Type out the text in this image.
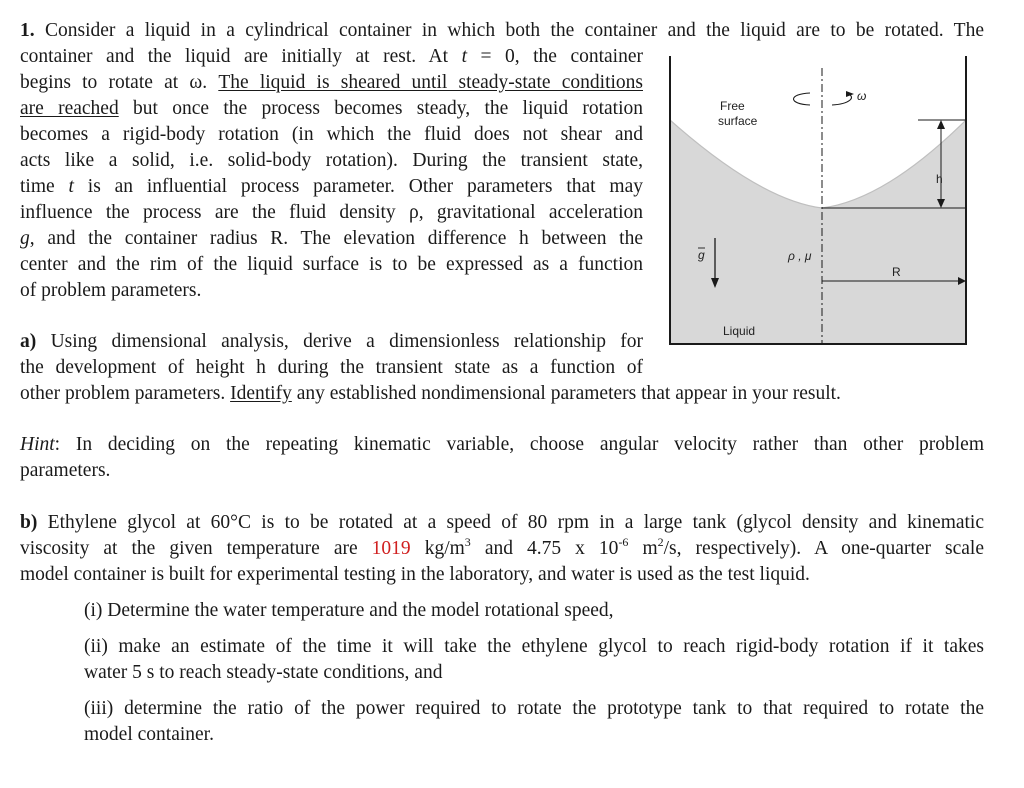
1. Consider a liquid in a cylindrical container in which both the container and the liquid are to be rotated. The

container and the liquid are initially at rest. At t = 0, the container

begins to rotate at ω. The liquid is sheared until steady-state conditions

are reached but once the process becomes steady, the liquid rotation

becomes a rigid-body rotation (in which the fluid does not shear and

acts like a solid, i.e. solid-body rotation). During the transient state,

time t is an influential process parameter. Other parameters that may

influence the process are the fluid density ρ, gravitational acceleration

g, and the container radius R. The elevation difference h between the

center and the rim of the liquid surface is to be expressed as a function

of problem parameters.

a) Using dimensional analysis, derive a dimensionless relationship for

the development of height h during the transient state as a function of

other problem parameters. Identify any established nondimensional parameters that appear in your result.

Hint: In deciding on the repeating kinematic variable, choose angular velocity rather than other problem

parameters.

b) Ethylene glycol at 60°C is to be rotated at a speed of 80 rpm in a large tank (glycol density and kinematic

viscosity at the given temperature are 1019 $kg/m^3$ and 4.75 x $10^{-6}$ $m^2/s$, respectively). A one-quarter scale

model container is built for experimental testing in the laboratory, and water is used as the test liquid.

(i) Determine the water temperature and the model rotational speed,

(ii) make an estimate of the time it will take the ethylene glycol to reach rigid-body rotation if it takes

water 5 s to reach steady-state conditions, and

(iii) determine the ratio of the power required to rotate the prototype tank to that required to rotate the

model container.

ω
Free
surface
h
g	ρ , μ
R
Liquid
